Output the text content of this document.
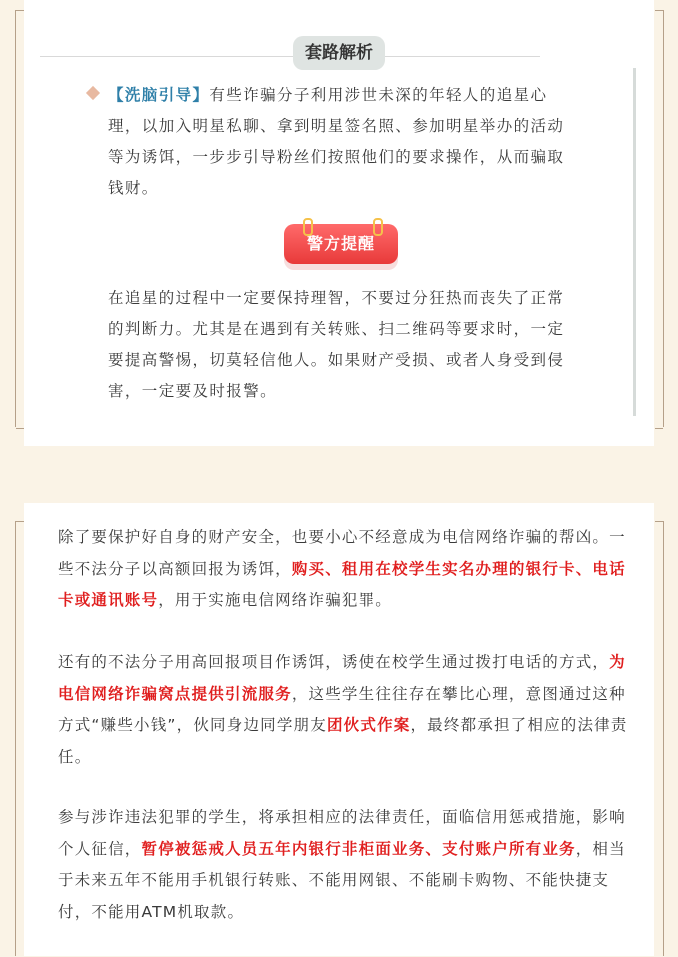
套路解析
【洗脑引导】有些诈骗分子利用涉世未深的年轻人的追星心理，以加入明星私聊、拿到明星签名照、参加明星举办的活动等为诱饵，一步步引导粉丝们按照他们的要求操作，从而骗取钱财。
警方提醒
在追星的过程中一定要保持理智，不要过分狂热而丧失了正常的判断力。尤其是在遇到有关转账、扫二维码等要求时，一定要提高警惕，切莫轻信他人。如果财产受损、或者人身受到侵害，一定要及时报警。

除了要保护好自身的财产安全，也要小心不经意成为电信网络诈骗的帮凶。一些不法分子以高额回报为诱饵，购买、租用在校学生实名办理的银行卡、电话卡或通讯账号，用于实施电信网络诈骗犯罪。

还有的不法分子用高回报项目作诱饵，诱使在校学生通过拨打电话的方式，为电信网络诈骗窝点提供引流服务，这些学生往往存在攀比心理，意图通过这种方式“赚些小钱”，伙同身边同学朋友团伙式作案，最终都承担了相应的法律责任。

参与涉诈违法犯罪的学生，将承担相应的法律责任，面临信用惩戒措施，影响个人征信，暂停被惩戒人员五年内银行非柜面业务、支付账户所有业务，相当于未来五年不能用手机银行转账、不能用网银、不能刷卡购物、不能快捷支付，不能用ATM机取款。
